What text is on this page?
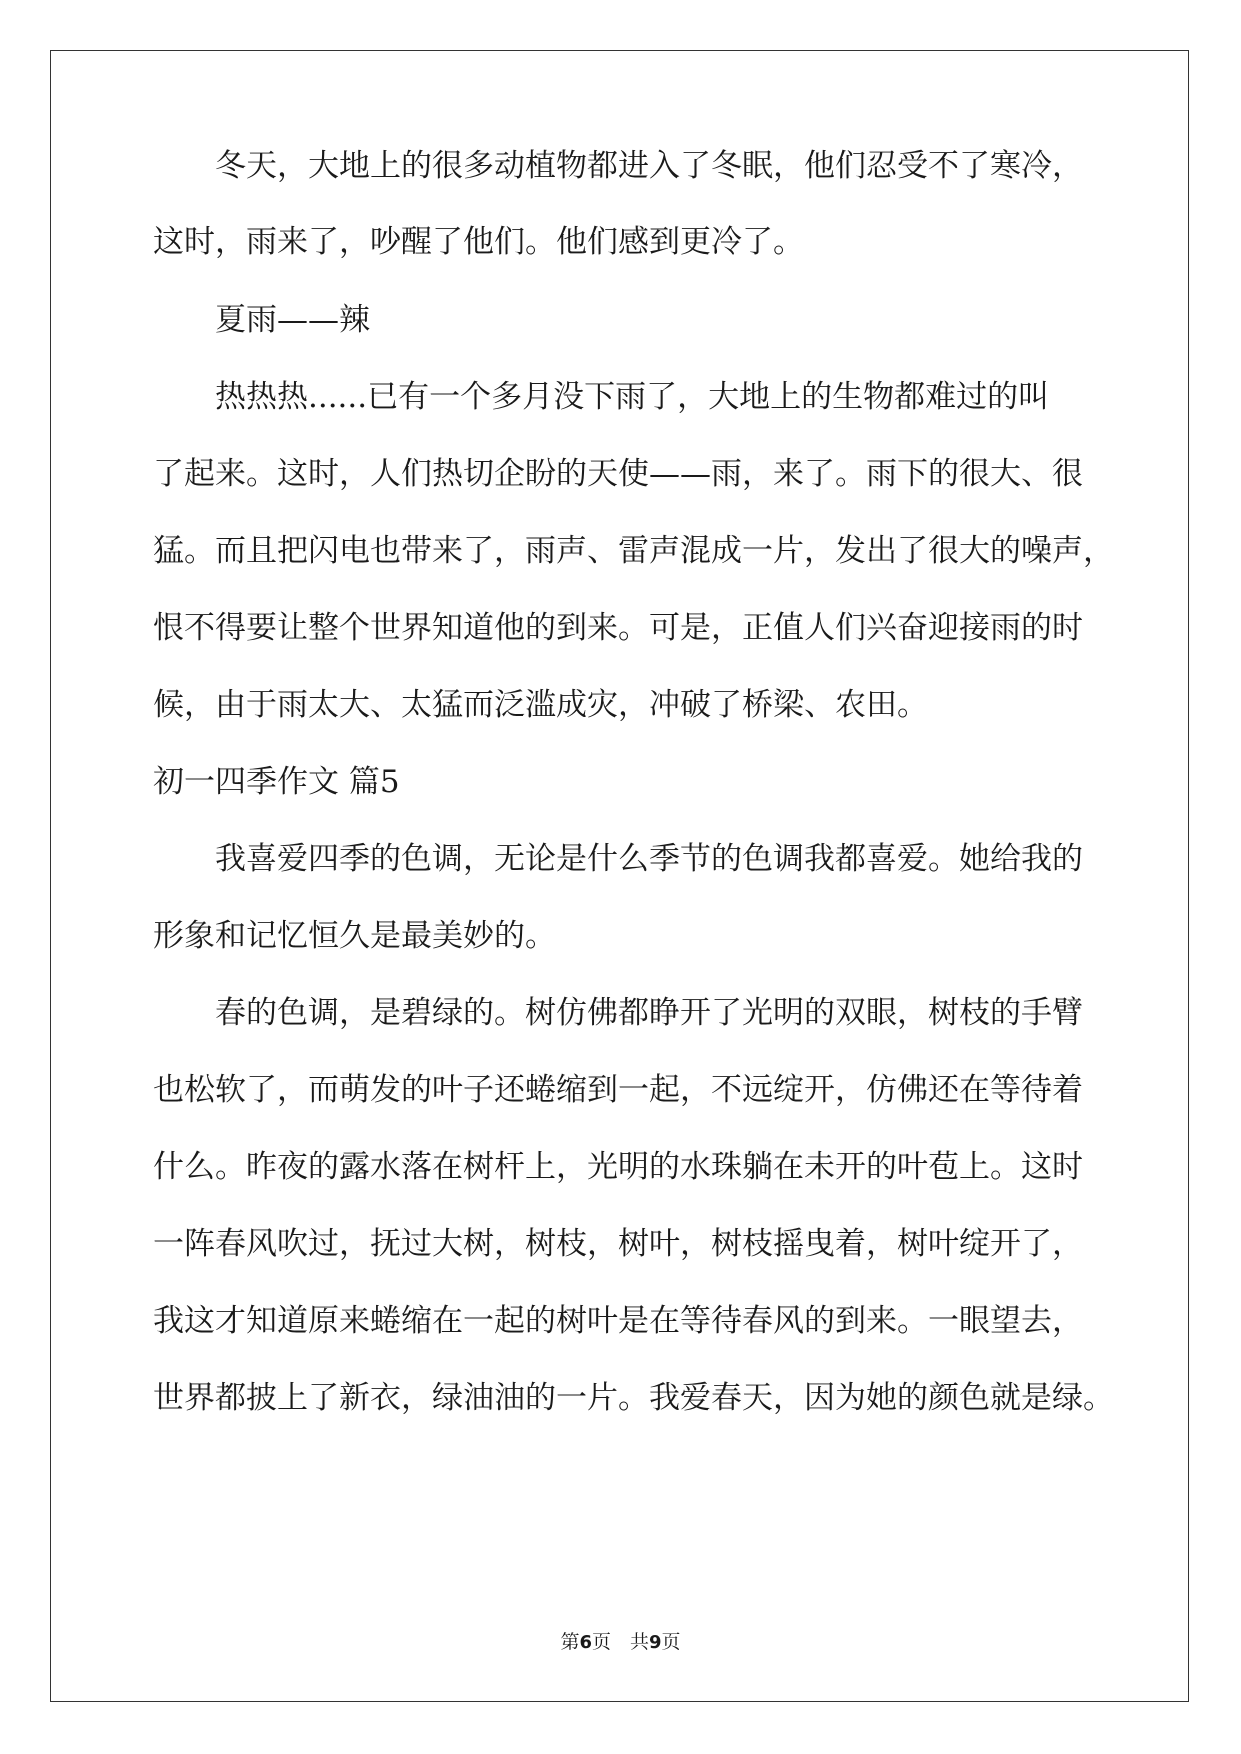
　　冬天，大地上的很多动植物都进入了冬眠，他们忍受不了寒冷，
这时，雨来了，吵醒了他们。他们感到更冷了。
　　夏雨——辣
　　热热热......已有一个多月没下雨了，大地上的生物都难过的叫
了起来。这时，人们热切企盼的天使——雨，来了。雨下的很大、很
猛。而且把闪电也带来了，雨声、雷声混成一片，发出了很大的噪声，
恨不得要让整个世界知道他的到来。可是，正值人们兴奋迎接雨的时
候，由于雨太大、太猛而泛滥成灾，冲破了桥梁、农田。
初一四季作文 篇5
　　我喜爱四季的色调，无论是什么季节的色调我都喜爱。她给我的
形象和记忆恒久是最美妙的。
　　春的色调，是碧绿的。树仿佛都睁开了光明的双眼，树枝的手臂
也松软了，而萌发的叶子还蜷缩到一起，不远绽开，仿佛还在等待着
什么。昨夜的露水落在树杆上，光明的水珠躺在未开的叶苞上。这时
一阵春风吹过，抚过大树，树枝，树叶，树枝摇曳着，树叶绽开了，
我这才知道原来蜷缩在一起的树叶是在等待春风的到来。一眼望去，
世界都披上了新衣，绿油油的一片。我爱春天，因为她的颜色就是绿。
第6页　共9页
